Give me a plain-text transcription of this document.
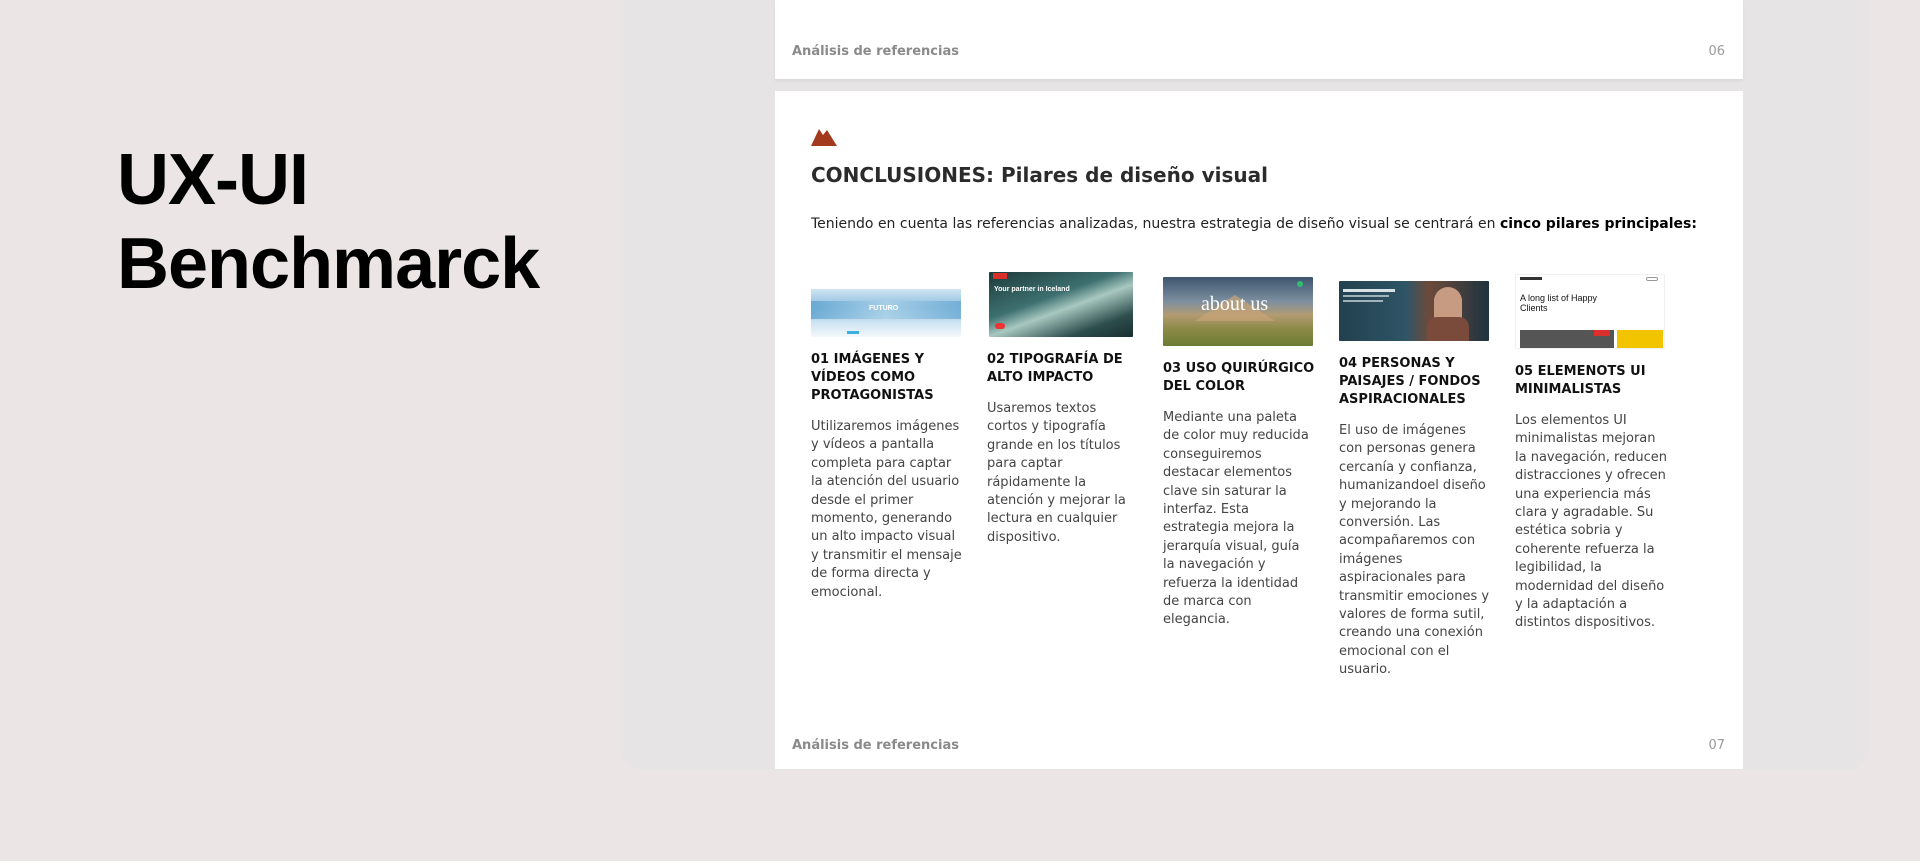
UX-UI
Benchmarck
Análisis de referencias	06
CONCLUSIONES: Pilares de diseño visual

Teniendo en cuenta las referencias analizadas, nuestra estrategia de diseño visual se centrará en cinco pilares principales:

FUTURO
01 IMÁGENES Y VÍDEOS COMO PROTAGONISTAS

Utilizaremos imágenes y vídeos a pantalla completa para captar la atención del usuario desde el primer momento, generando un alto impacto visual y transmitir el mensaje de forma directa y emocional.

Your partner in Iceland
02 TIPOGRAFÍA DE ALTO IMPACTO

Usaremos textos cortos y tipografía grande en los títulos para captar rápidamente la atención y mejorar la lectura en cualquier dispositivo.

about us
03 USO QUIRÚRGICO DEL COLOR

Mediante una paleta de color muy reducida conseguiremos destacar elementos clave sin saturar la interfaz. Esta estrategia mejora la jerarquía visual, guía la navegación y refuerza la identidad de marca con elegancia.

04 PERSONAS Y PAISAJES / FONDOS ASPIRACIONALES

El uso de imágenes con personas genera cercanía y confianza, humanizandoel diseño y mejorando la conversión. Las acompañaremos con imágenes aspiracionales para transmitir emociones y valores de forma sutil, creando una conexión emocional con el usuario.

A long list of Happy Clients
05 ELEMENOTS UI MINIMALISTAS

Los elementos UI minimalistas mejoran la navegación, reducen distracciones y ofrecen una experiencia más clara y agradable. Su estética sobria y coherente refuerza la legibilidad, la modernidad del diseño y la adaptación a distintos dispositivos.

Análisis de referencias	07
